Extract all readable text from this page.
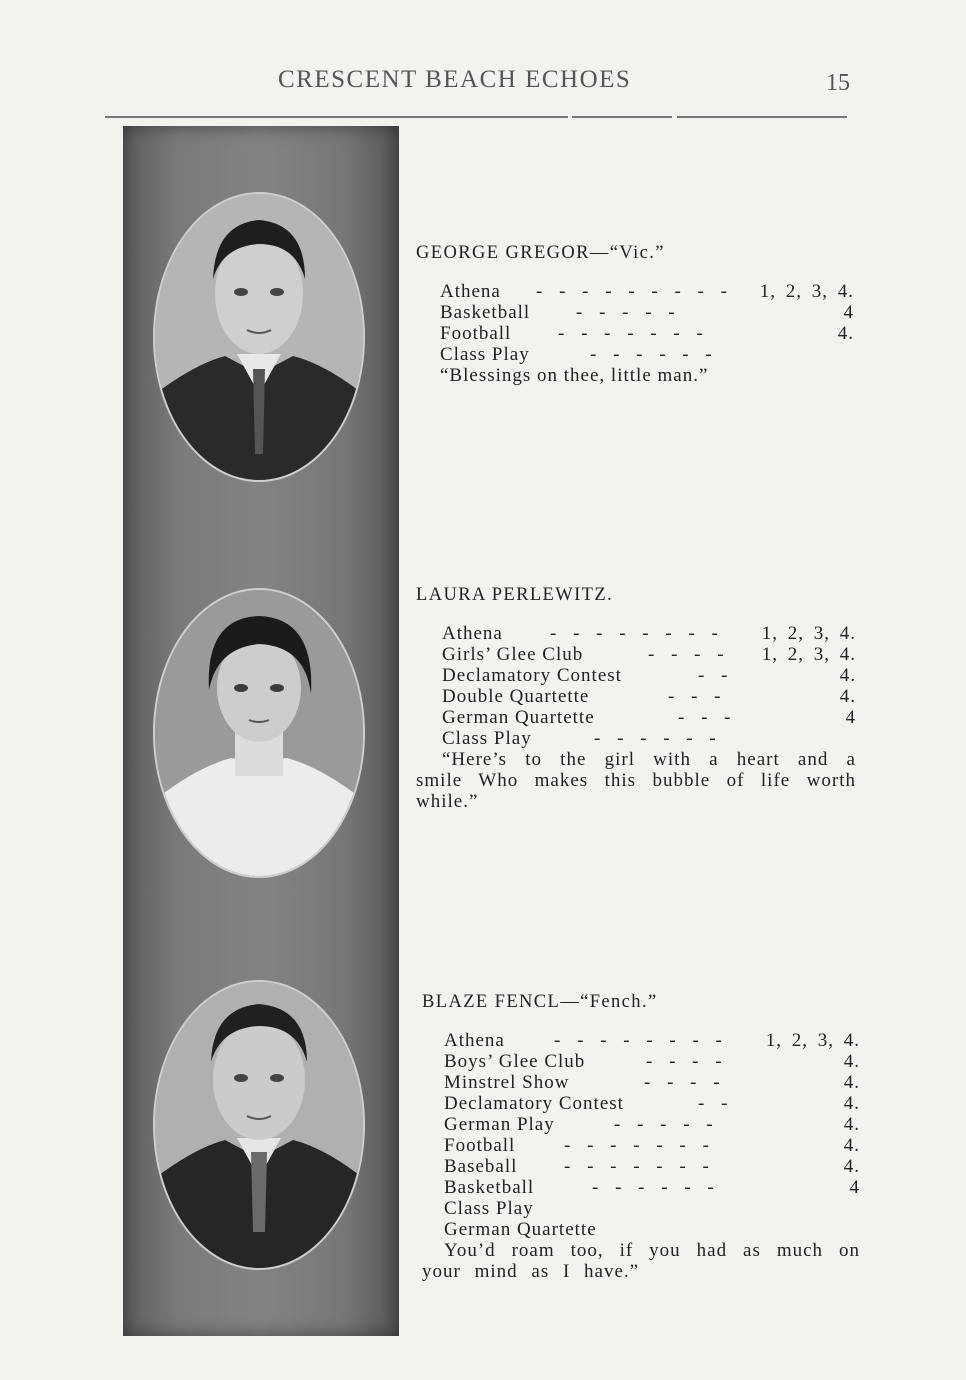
CRESCENT BEACH ECHOES	15
GEORGE GREGOR—“Vic.”
Athena - - - - - - - - - 1, 2, 3, 4.
Basketball - - - - -	4
Football - - - - - - -	4.
Class Play	- - - - - -
“Blessings on thee, little man.”
LAURA PERLEWITZ.
Athena - - - - - - - - 1, 2, 3, 4.
Girls’ Glee Club	- - - - 1, 2, 3, 4.
Declamatory Contest	- -	4.
Double Quartette	- - -	4.
German Quartette	- - -	4
Class Play	- - - - - -
“Here’s to the girl with a heart and a smile Who makes this bubble of life worth while.”
BLAZE FENCL—“Fench.”
Athena	- - - - - - - - 1, 2, 3, 4.
Boys’ Glee Club	- - - -	4.
Minstrel Show	- - - -	4.
Declamatory Contest	- -	4.
German Play	- - - - -	4.
Football	- - - - - - -	4.
Baseball - - - - - - -	4.
Basketball	- - - - - -	4
Class Play
German Quartette
You’d roam too, if you had as much on your mind as I have.”
